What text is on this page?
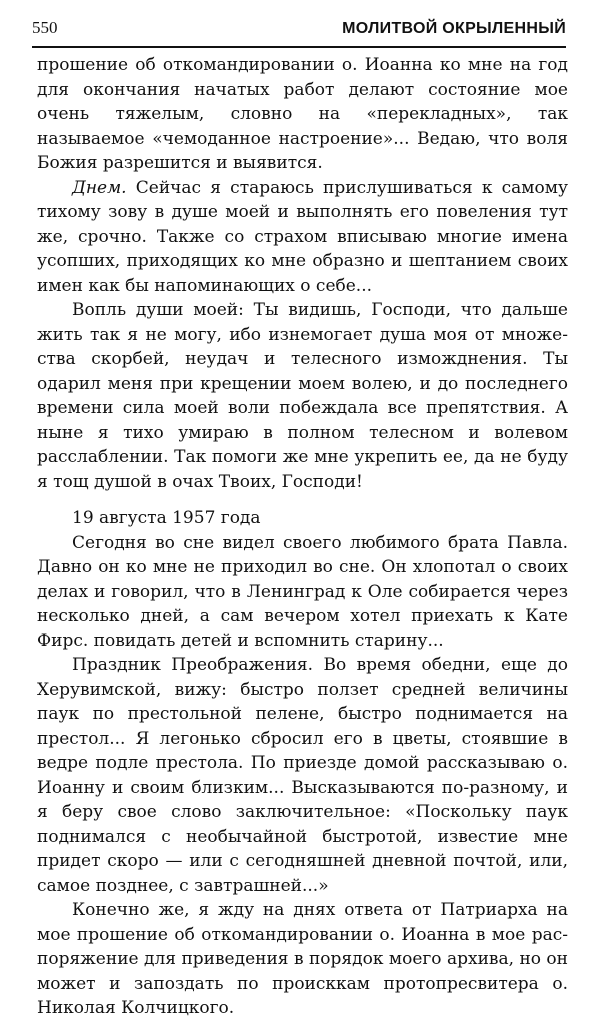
550	МОЛИТВОЙ ОКРЫЛЕННЫЙ

прошение об откомандировании о. Иоанна ко мне на год для окончания начатых работ делают состояние мое очень тяжелым, словно на «перекладных», так называемое «чемоданное настроение»... Ведаю, что воля Божия разрешится и выявится.

Днем. Сейчас я стараюсь прислушиваться к самому тихому зову в душе моей и выполнять его повеления тут же, срочно. Также со страхом вписываю многие имена усопших, приходящих ко мне образно и шептанием своих имен как бы напоминающих о себе...

Вопль души моей: Ты видишь, Господи, что дальше жить так я не могу, ибо изнемогает душа моя от множества скорбей, неудач и телесного изможднения. Ты одарил меня при крещении моем волею, и до последнего времени сила моей воли побеждала все препятствия. А ныне я тихо умираю в полном телесном и волевом расслаблении. Так помоги же мне укрепить ее, да не буду я тощ душой в очах Твоих, Господи!

19 августа 1957 года

Сегодня во сне видел своего любимого брата Павла. Давно он ко мне не приходил во сне. Он хлопотал о своих делах и говорил, что в Ленинград к Оле собирается через несколько дней, а сам вечером хотел приехать к Кате Фирс. повидать детей и вспомнить старину...

Праздник Преображения. Во время обедни, еще до Херувимской, вижу: быстро ползет средней величины паук по престольной пелене, быстро поднимается на престол... Я легонько сбросил его в цветы, стоявшие в ведре подле престола. По приезде домой рассказываю о. Иоанну и своим близким... Высказываются по-разному, и я беру свое слово заключительное: «Поскольку паук поднимался с необычайной быстротой, известие мне придет скоро — или с сегодняшней дневной почтой, или, самое позднее, с завтрашней...»

Конечно же, я жду на днях ответа от Патриарха на мое прошение об откомандировании о. Иоанна в мое распоряжение для приведения в порядок моего архива, но он может и запоздать по происккам протопресвитера о. Николая Колчицкого.
